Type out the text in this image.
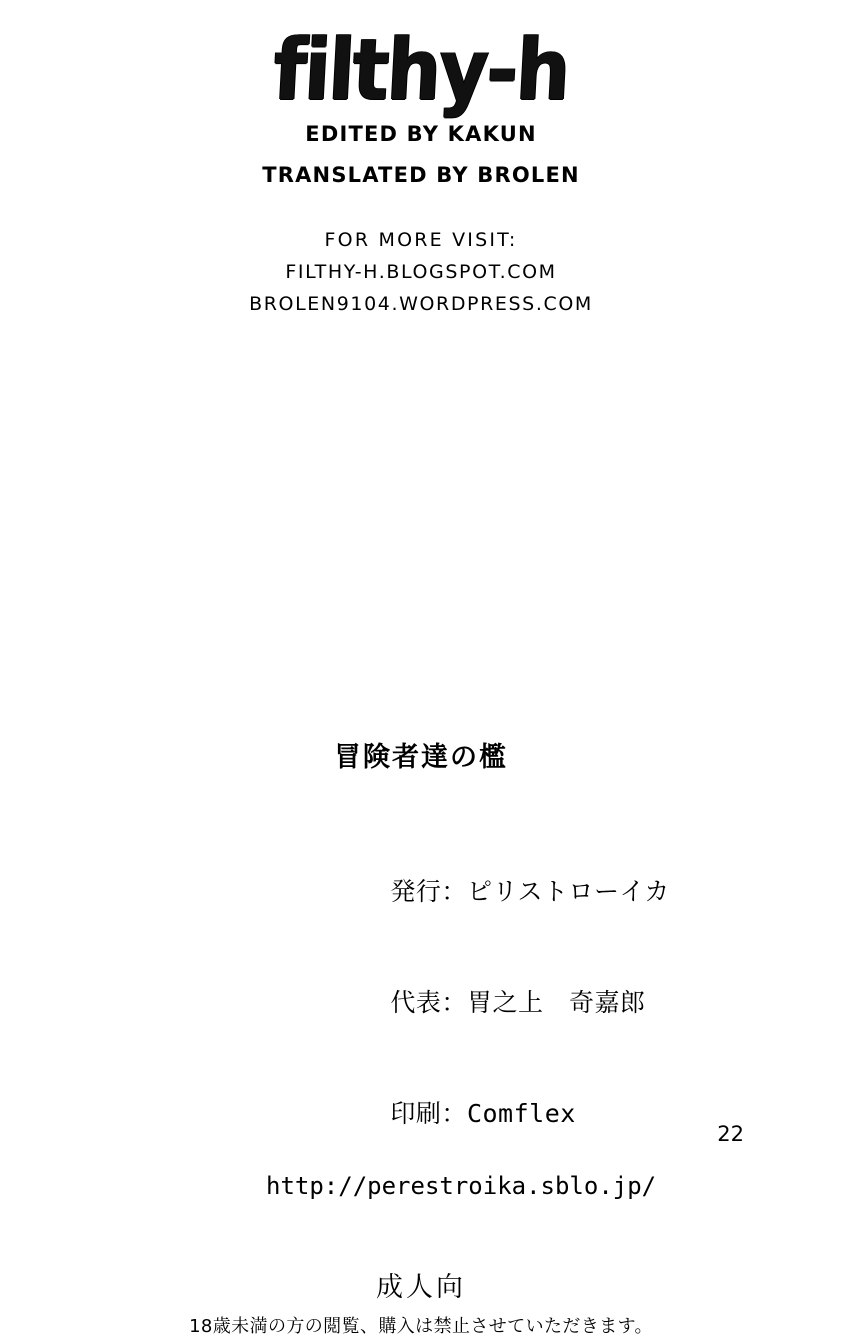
filthy-h
EDITED BY KAKUN
TRANSLATED BY BROLEN
FOR MORE VISIT:
FILTHY-H.BLOGSPOT.COM
BROLEN9104.WORDPRESS.COM
冒険者達の檻

発行：ピリストローイカ

代表：胃之上　奇嘉郎

印刷：Comflex

http://perestroika.sblo.jp/
成人向
18歳未満の方の閲覧、購入は禁止させていただきます。
22
